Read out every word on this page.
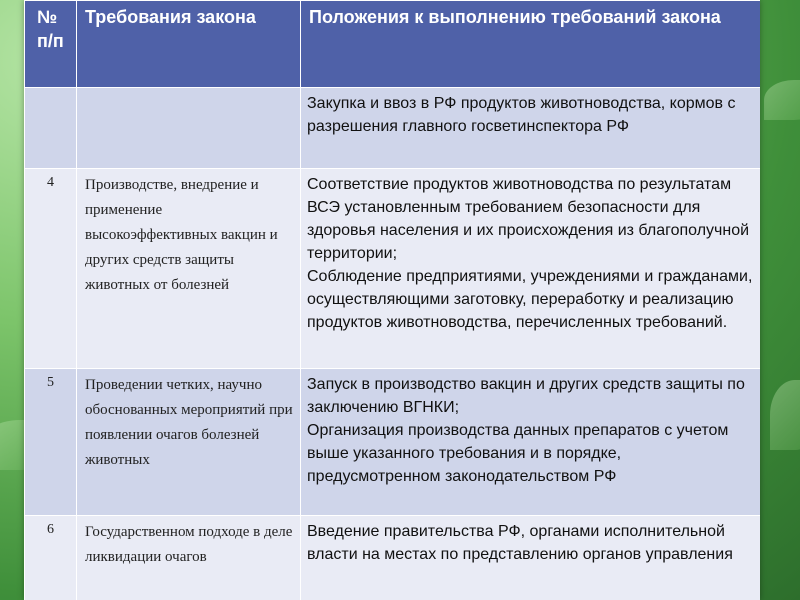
№ п/п	Требования закона	Положения к выполнению требований закона

		Закупка и ввоз в РФ продуктов животноводства, кормов с разрешения главного госветинспектора РФ

4	Производстве, внедрение и применение высокоэффективных вакцин и других средств защиты животных от болезней	Соответствие продуктов животноводства по результатам ВСЭ установленным требованием безопасности для здоровья населения и их происхождения из благополучной территории;
Соблюдение предприятиями, учреждениями и гражданами, осуществляющими заготовку, переработку и реализацию продуктов животноводства, перечисленных требований.

5	Проведении четких, научно обоснованных мероприятий при появлении очагов болезней животных	Запуск в производство вакцин и других средств защиты по заключению ВГНКИ;
Организация производства данных препаратов с учетом выше указанного требования и в порядке, предусмотренном законодательством РФ

6	Государственном подходе в деле ликвидации очагов	Введение правительства РФ, органами исполнительной власти на местах по представлению органов управления
